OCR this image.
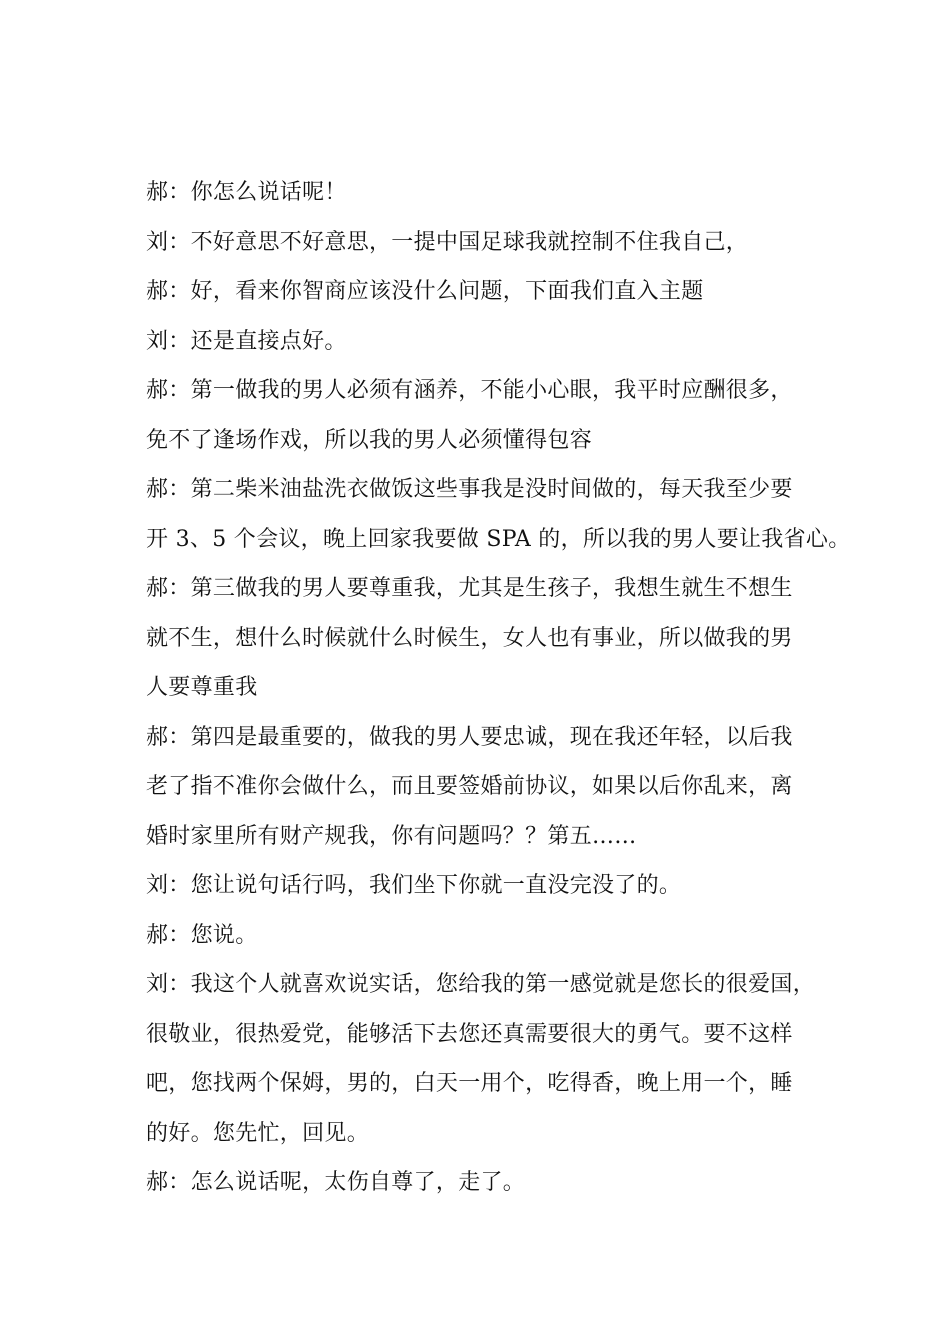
郝：你怎么说话呢！
刘：不好意思不好意思，一提中国足球我就控制不住我自己，
郝：好，看来你智商应该没什么问题，下面我们直入主题
刘：还是直接点好。
郝：第一做我的男人必须有涵养，不能小心眼，我平时应酬很多，
免不了逢场作戏，所以我的男人必须懂得包容
郝：第二柴米油盐洗衣做饭这些事我是没时间做的，每天我至少要
开 3、5 个会议，晚上回家我要做 SPA 的，所以我的男人要让我省心。
郝：第三做我的男人要尊重我，尤其是生孩子，我想生就生不想生
就不生，想什么时候就什么时候生，女人也有事业，所以做我的男
人要尊重我
郝：第四是最重要的，做我的男人要忠诚，现在我还年轻，以后我
老了指不准你会做什么，而且要签婚前协议，如果以后你乱来，离
婚时家里所有财产规我，你有问题吗？？第五……
刘：您让说句话行吗，我们坐下你就一直没完没了的。
郝：您说。
刘：我这个人就喜欢说实话，您给我的第一感觉就是您长的很爱国，
很敬业，很热爱党，能够活下去您还真需要很大的勇气。要不这样
吧，您找两个保姆，男的，白天一用个，吃得香，晚上用一个，睡
的好。您先忙，回见。
郝：怎么说话呢，太伤自尊了，走了。
